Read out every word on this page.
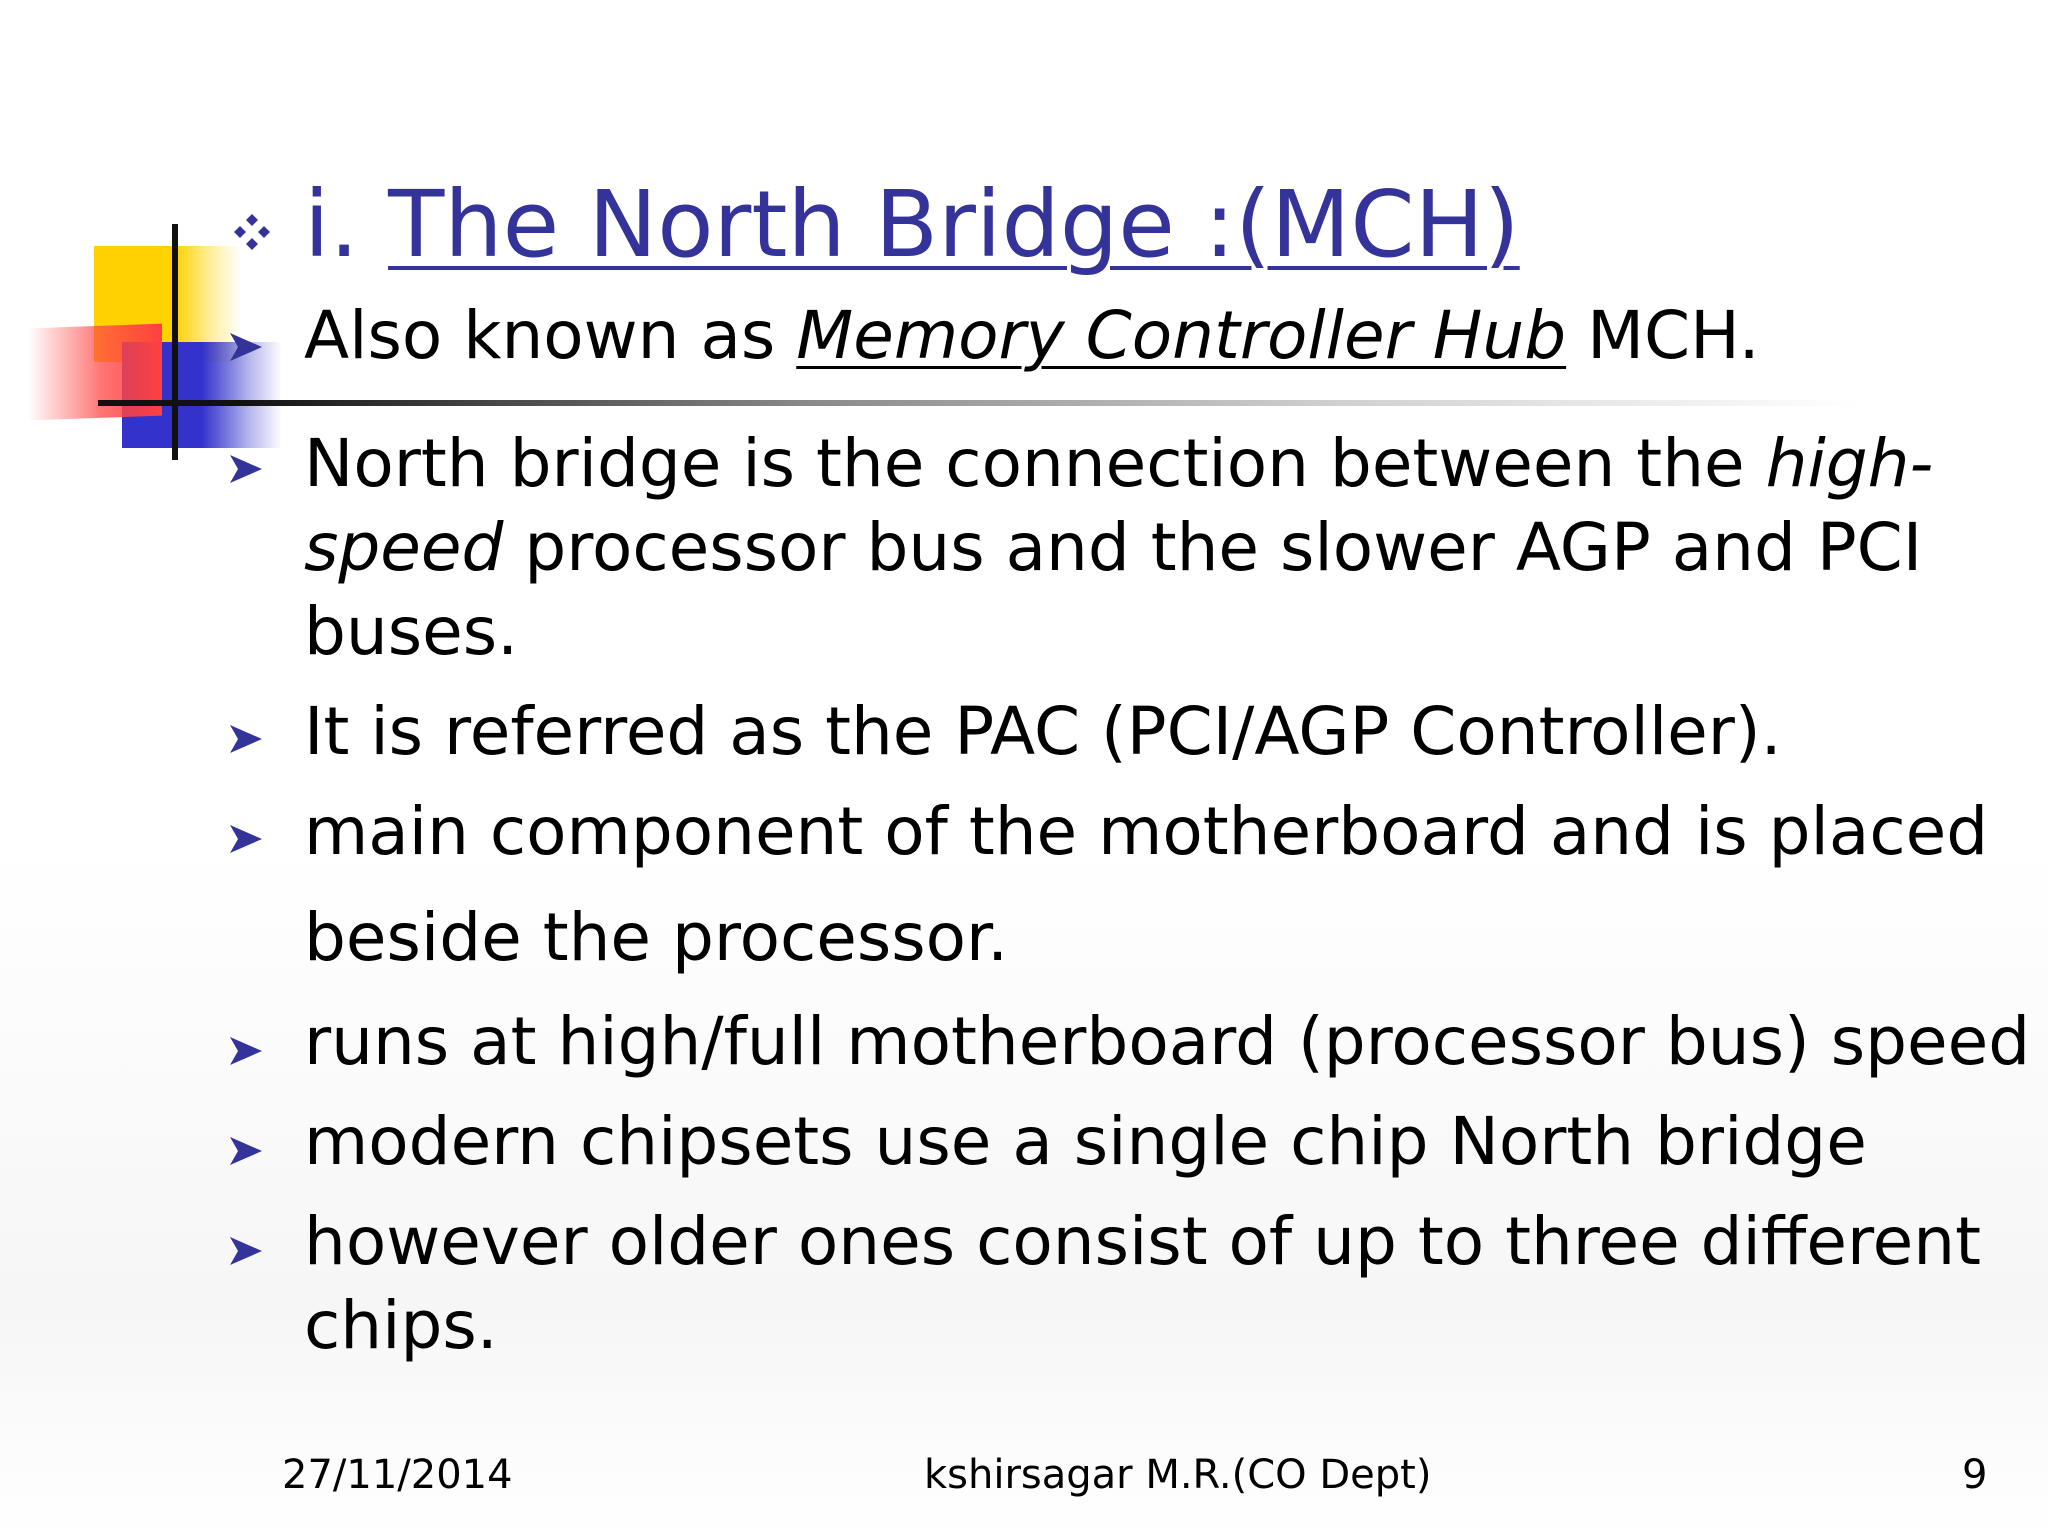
i. The North Bridge :(MCH)
Also known as Memory Controller Hub MCH.
North bridge is the connection between the high-
speed processor bus and the slower AGP and PCI
buses.
It is referred as the PAC (PCI/AGP Controller).
main component of the motherboard and is placed
beside the processor.
runs at high/full motherboard (processor bus) speed
modern chipsets use a single chip North bridge
however older ones consist of up to three different
chips.
27/11/2014	kshirsagar M.R.(CO Dept)	9
